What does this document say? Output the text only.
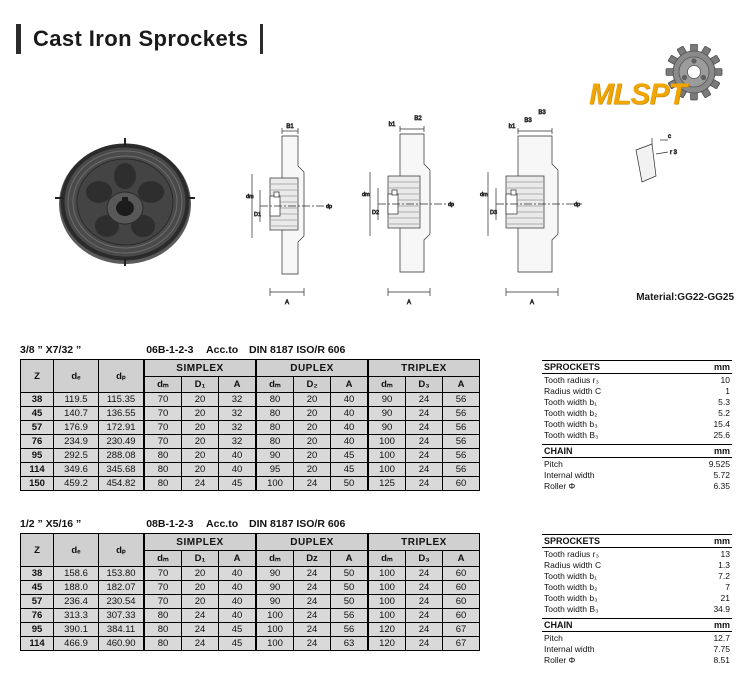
Cast Iron Sprockets
MLSPT
B1
A
dm
D1
dp
b1
B2
A
dm
D2
dp
B3
b1
B3
A
dm
D3
dp
c
r 3
Material:GG22-GG25
3/8 ” X7/32 ”	06B-1-2-3 Acc.to DIN 8187 ISO/R 606
Z	dₑ	dₚ	SIMPLEX			DUPLEX			TRIPLEX		
			dₘ	D₁	A	dₘ	D₂	A	dₘ	D₃	A
38	119.5	115.35	70	20	32	80	20	40	90	24	56
45	140.7	136.55	70	20	32	80	20	40	90	24	56
57	176.9	172.91	70	20	32	80	20	40	90	24	56
76	234.9	230.49	70	20	32	80	20	40	100	24	56
95	292.5	288.08	80	20	40	90	20	45	100	24	56
114	349.6	345.68	80	20	40	95	20	45	100	24	56
150	459.2	454.82	80	24	45	100	24	50	125	24	60
SPROCKETS	mm
Tooth radius r₃	10
Radius width C	1
Tooth width b₁	5.3
Tooth width b₂	5.2
Tooth width b₃	15.4
Tooth width B₃	25.6
CHAIN	mm
Pitch	9.525
Internal width	5.72
Roller Φ	6.35
1/2 ” X5/16 ”	08B-1-2-3 Acc.to DIN 8187 ISO/R 606
Z	dₑ	dₚ	SIMPLEX			DUPLEX			TRIPLEX		
			dₘ	D₁	A	dₘ	Dz	A	dₘ	D₃	A
38	158.6	153.80	70	20	40	90	24	50	100	24	60
45	188.0	182.07	70	20	40	90	24	50	100	24	60
57	236.4	230.54	70	20	40	90	24	50	100	24	60
76	313.3	307.33	80	24	40	100	24	56	100	24	60
95	390.1	384.11	80	24	45	100	24	56	120	24	67
114	466.9	460.90	80	24	45	100	24	63	120	24	67
SPROCKETS	mm
Tooth radius r₃	13
Radius width C	1.3
Tooth width b₁	7.2
Tooth width b₂	7
Tooth width b₃	21
Tooth width B₃	34.9
CHAIN	mm
Pitch	12.7
Internal width	7.75
Roller Φ	8.51
